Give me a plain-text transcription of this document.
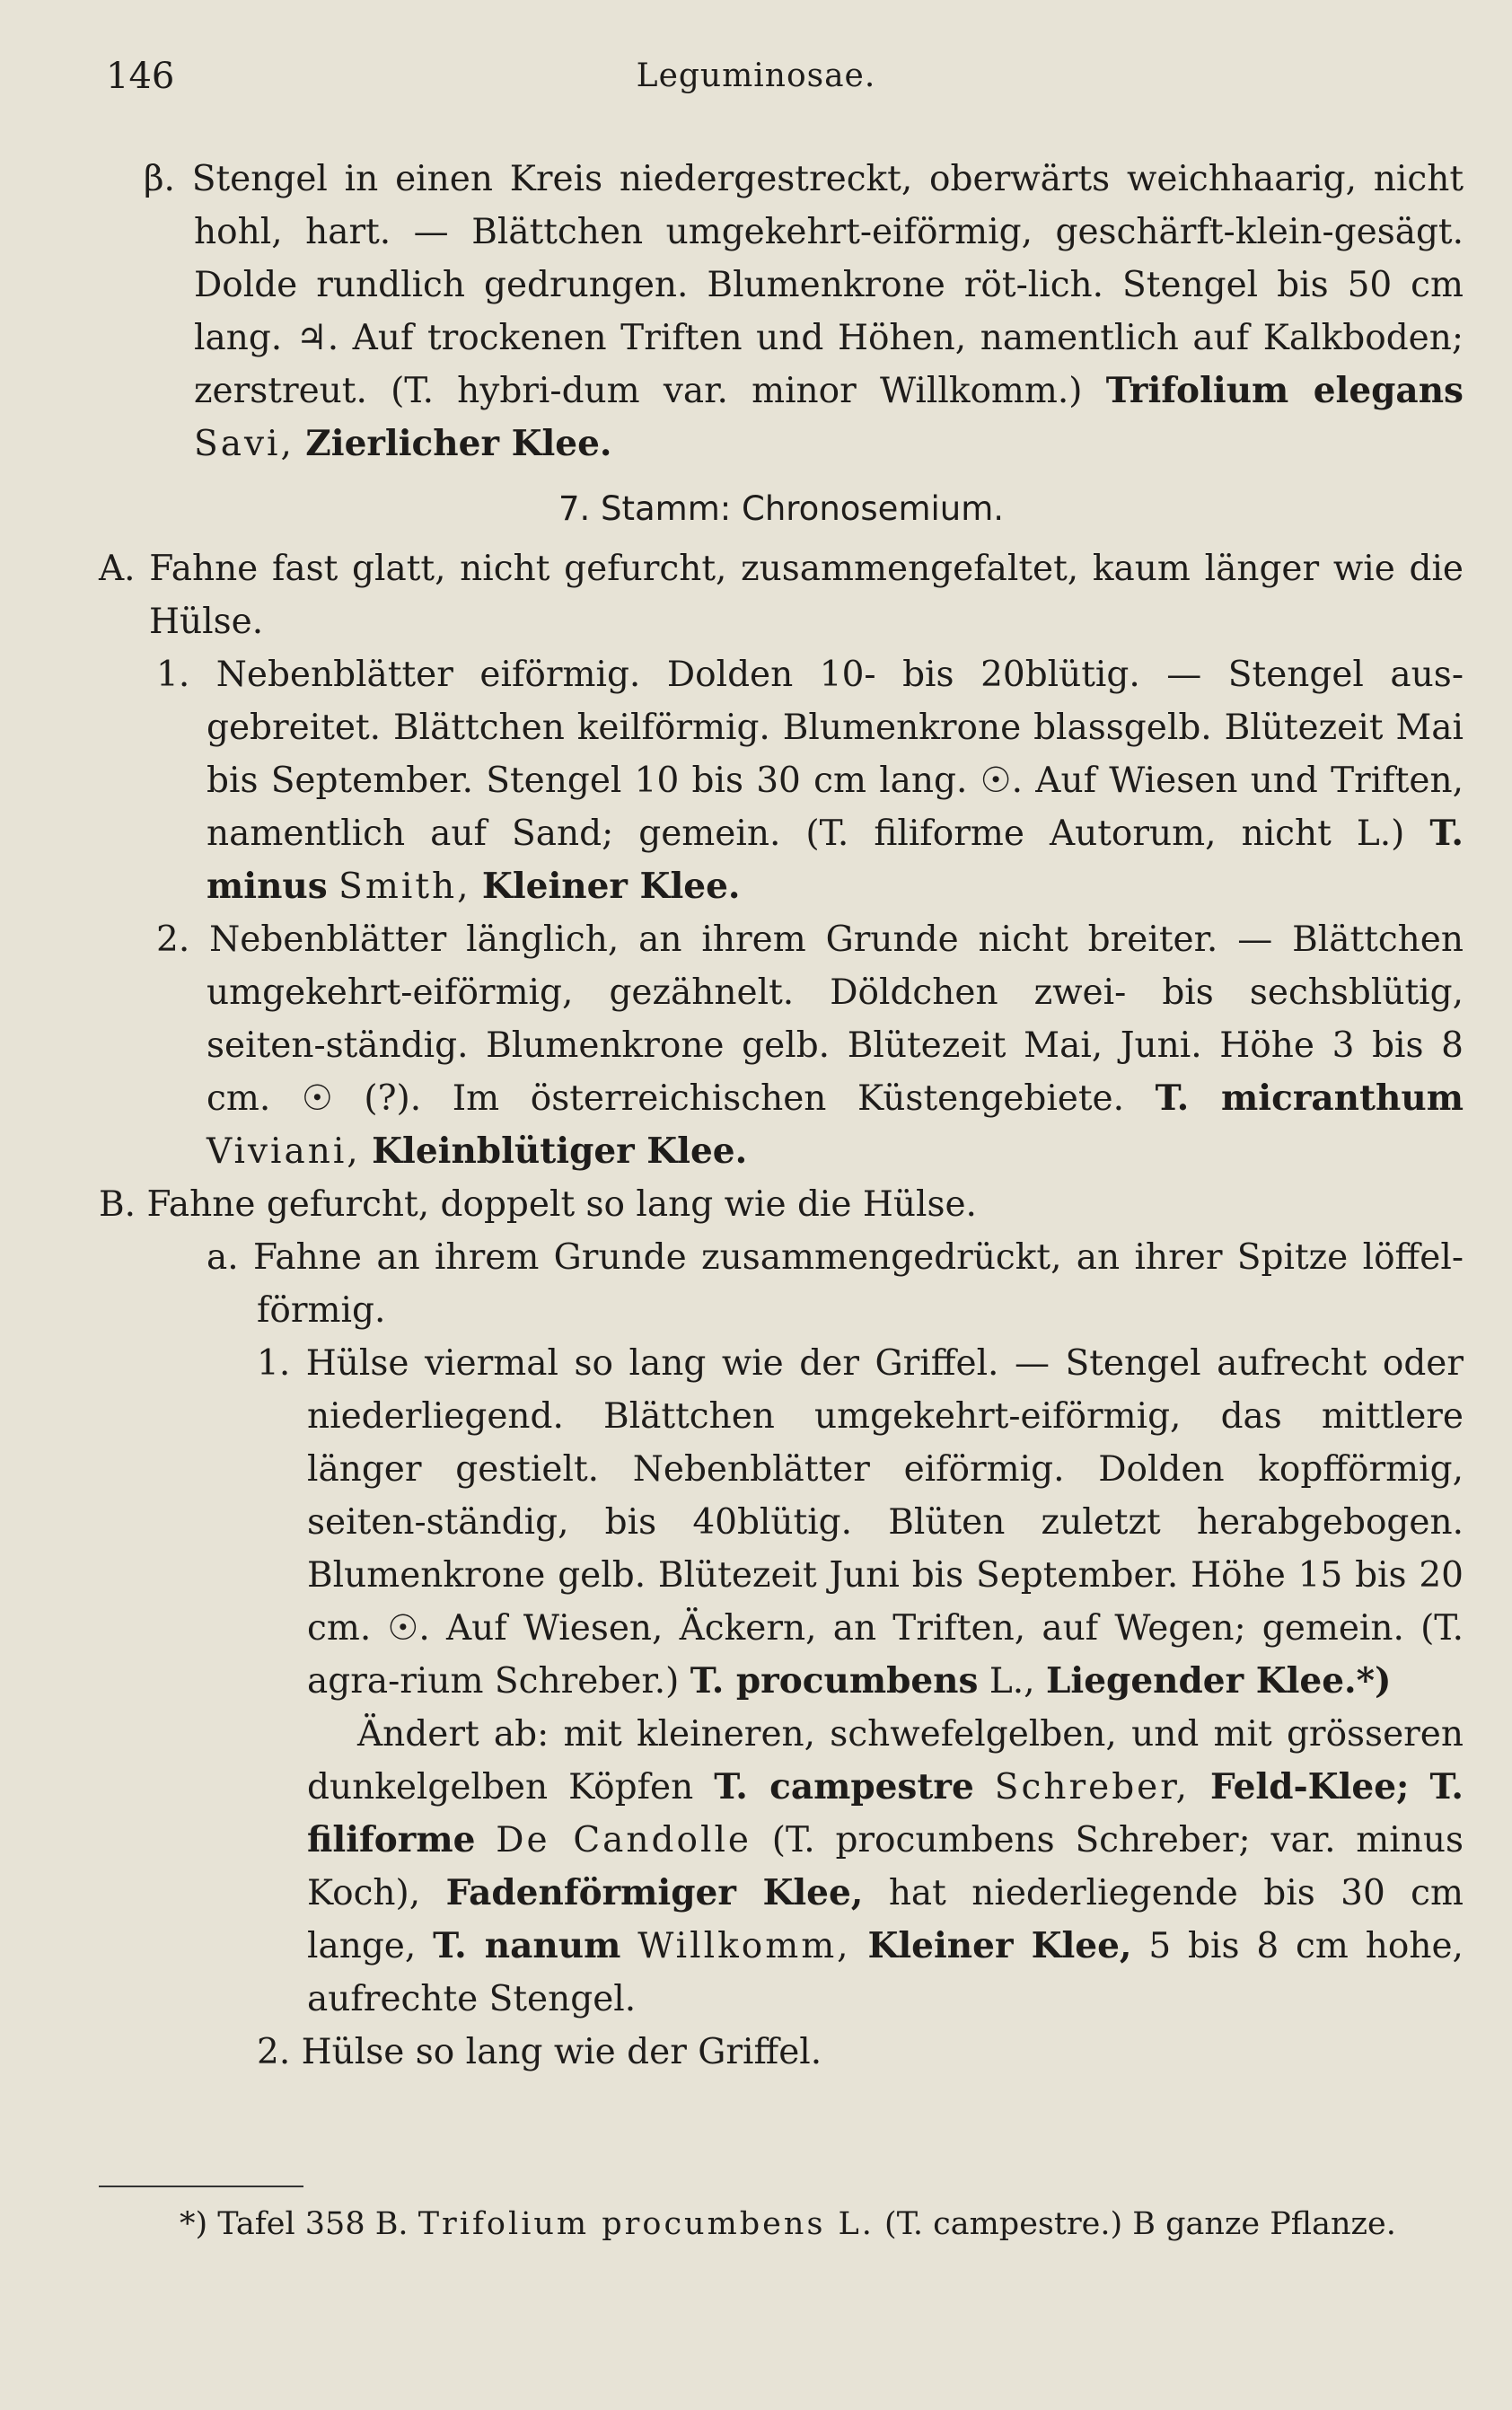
146	Leguminosae.

β. Stengel in einen Kreis niedergestreckt, oberwärts weichhaarig, nicht hohl, hart. — Blättchen umgekehrt-eiförmig, geschärft-klein-gesägt. Dolde rundlich gedrungen. Blumenkrone röt-lich. Stengel bis 50 cm lang. ♃. Auf trockenen Triften und Höhen, namentlich auf Kalkboden; zerstreut. (T. hybri-dum var. minor Willkomm.) Trifolium elegans Savi, Zierlicher Klee.

7. Stamm: Chronosemium.

A. Fahne fast glatt, nicht gefurcht, zusammengefaltet, kaum länger wie die Hülse.

1. Nebenblätter eiförmig. Dolden 10- bis 20blütig. — Stengel aus-gebreitet. Blättchen keilförmig. Blumenkrone blassgelb. Blütezeit Mai bis September. Stengel 10 bis 30 cm lang. ☉. Auf Wiesen und Triften, namentlich auf Sand; gemein. (T. filiforme Autorum, nicht L.) T. minus Smith, Kleiner Klee.

2. Nebenblätter länglich, an ihrem Grunde nicht breiter. — Blättchen umgekehrt-eiförmig, gezähnelt. Döldchen zwei- bis sechsblütig, seiten-ständig. Blumenkrone gelb. Blütezeit Mai, Juni. Höhe 3 bis 8 cm. ☉ (?). Im österreichischen Küstengebiete. T. micranthum Viviani, Kleinblütiger Klee.

B. Fahne gefurcht, doppelt so lang wie die Hülse.

a. Fahne an ihrem Grunde zusammengedrückt, an ihrer Spitze löffel-förmig.

1. Hülse viermal so lang wie der Griffel. — Stengel aufrecht oder niederliegend. Blättchen umgekehrt-eiförmig, das mittlere länger gestielt. Nebenblätter eiförmig. Dolden kopfförmig, seiten-ständig, bis 40blütig. Blüten zuletzt herabgebogen. Blumenkrone gelb. Blütezeit Juni bis September. Höhe 15 bis 20 cm. ☉. Auf Wiesen, Äckern, an Triften, auf Wegen; gemein. (T. agra-rium Schreber.) T. procumbens L., Liegender Klee.*)

Ändert ab: mit kleineren, schwefelgelben, und mit grösseren dunkelgelben Köpfen T. campestre Schreber, Feld-Klee; T. filiforme De Candolle (T. procumbens Schreber; var. minus Koch), Fadenförmiger Klee, hat niederliegende bis 30 cm lange, T. nanum Willkomm, Kleiner Klee, 5 bis 8 cm hohe, aufrechte Stengel.

2. Hülse so lang wie der Griffel.

*) Tafel 358 B. Trifolium procumbens L. (T. campestre.) B ganze Pflanze.
